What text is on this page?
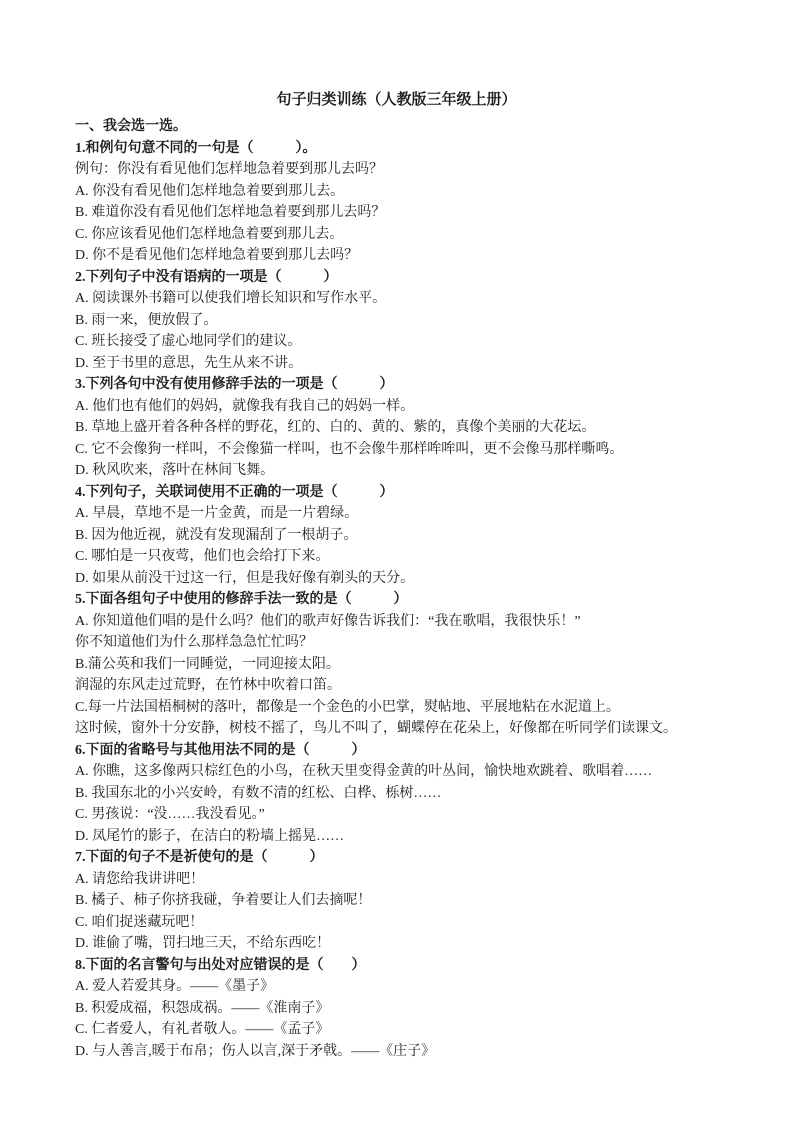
句子归类训练（人教版三年级上册）

一、我会选一选。

1.和例句句意不同的一句是（　　　）。

例句：你没有看见他们怎样地急着要到那儿去吗？

A. 你没有看见他们怎样地急着要到那儿去。

B. 难道你没有看见他们怎样地急着要到那儿去吗？

C. 你应该看见他们怎样地急着要到那儿去。

D. 你不是看见他们怎样地急着要到那儿去吗？

2.下列句子中没有语病的一项是（　　　）

A. 阅读课外书籍可以使我们增长知识和写作水平。

B. 雨一来，便放假了。

C. 班长接受了虚心地同学们的建议。

D. 至于书里的意思，先生从来不讲。

3.下列各句中没有使用修辞手法的一项是（　　　）

A. 他们也有他们的妈妈，就像我有我自己的妈妈一样。

B. 草地上盛开着各种各样的野花，红的、白的、黄的、紫的，真像个美丽的大花坛。

C. 它不会像狗一样叫，不会像猫一样叫，也不会像牛那样哞哞叫，更不会像马那样嘶鸣。

D. 秋风吹来，落叶在林间飞舞。

4.下列句子，关联词使用不正确的一项是（　　　）

A. 早晨，草地不是一片金黄，而是一片碧绿。

B. 因为他近视，就没有发现漏刮了一根胡子。

C. 哪怕是一只夜莺，他们也会给打下来。

D. 如果从前没干过这一行，但是我好像有剃头的天分。

5.下面各组句子中使用的修辞手法一致的是（　　　）

A. 你知道他们唱的是什么吗？他们的歌声好像告诉我们：“我在歌唱，我很快乐！”

你不知道他们为什么那样急急忙忙吗？

B.蒲公英和我们一同睡觉，一同迎接太阳。

润湿的东风走过荒野，在竹林中吹着口笛。

C.每一片法国梧桐树的落叶，都像是一个金色的小巴掌，熨帖地、平展地粘在水泥道上。

这时候，窗外十分安静，树枝不摇了，鸟儿不叫了，蝴蝶停在花朵上，好像都在听同学们读课文。

6.下面的省略号与其他用法不同的是（　　　）

A. 你瞧，这多像两只棕红色的小鸟，在秋天里变得金黄的叶丛间，愉快地欢跳着、歌唱着……

B. 我国东北的小兴安岭，有数不清的红松、白桦、栎树……

C. 男孩说：“没……我没看见。”

D. 凤尾竹的影子，在洁白的粉墙上摇晃……

7.下面的句子不是祈使句的是（　　　）

A. 请您给我讲讲吧！

B. 橘子、柿子你挤我碰，争着要让人们去摘呢！

C. 咱们捉迷藏玩吧！

D. 谁偷了嘴，罚扫地三天，不给东西吃！

8.下面的名言警句与出处对应错误的是（　　）

A. 爱人若爱其身。——《墨子》

B. 积爱成福，积怨成祸。——《淮南子》

C. 仁者爱人，有礼者敬人。——《孟子》

D. 与人善言,暖于布帛；伤人以言,深于矛戟。——《庄子》
